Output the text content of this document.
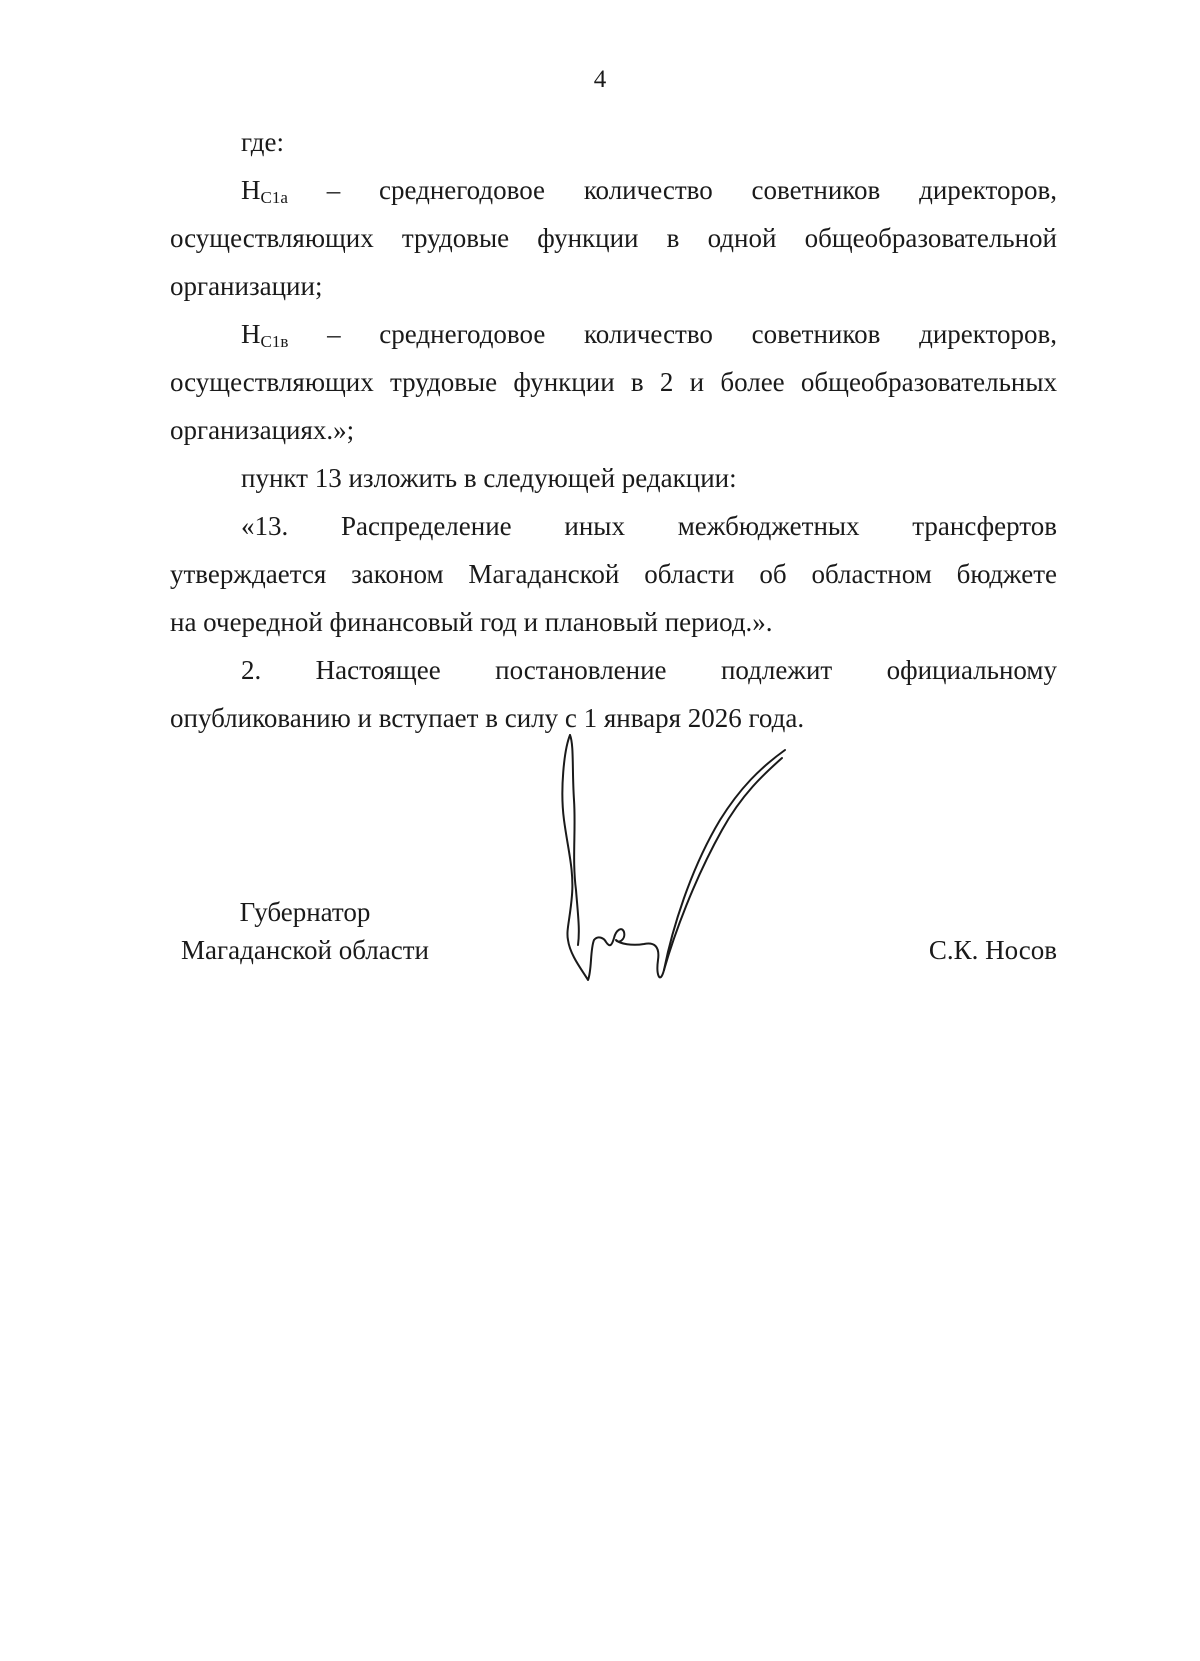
4
где:
$Н_{С1а}$ – среднегодовое количество советников директоров,
осуществляющих трудовые функции в одной общеобразовательной
организации;
$Н_{С1в}$ – среднегодовое количество советников директоров,
осуществляющих трудовые функции в 2 и более общеобразовательных
организациях.»;
пункт 13 изложить в следующей редакции:
«13. Распределение иных межбюджетных трансфертов
утверждается законом Магаданской области об областном бюджете
на очередной финансовый год и плановый период.».
2. Настоящее постановление подлежит официальному
опубликованию и вступает в силу с 1 января 2026 года.
Губернатор
Магаданской области	С.К. Носов
